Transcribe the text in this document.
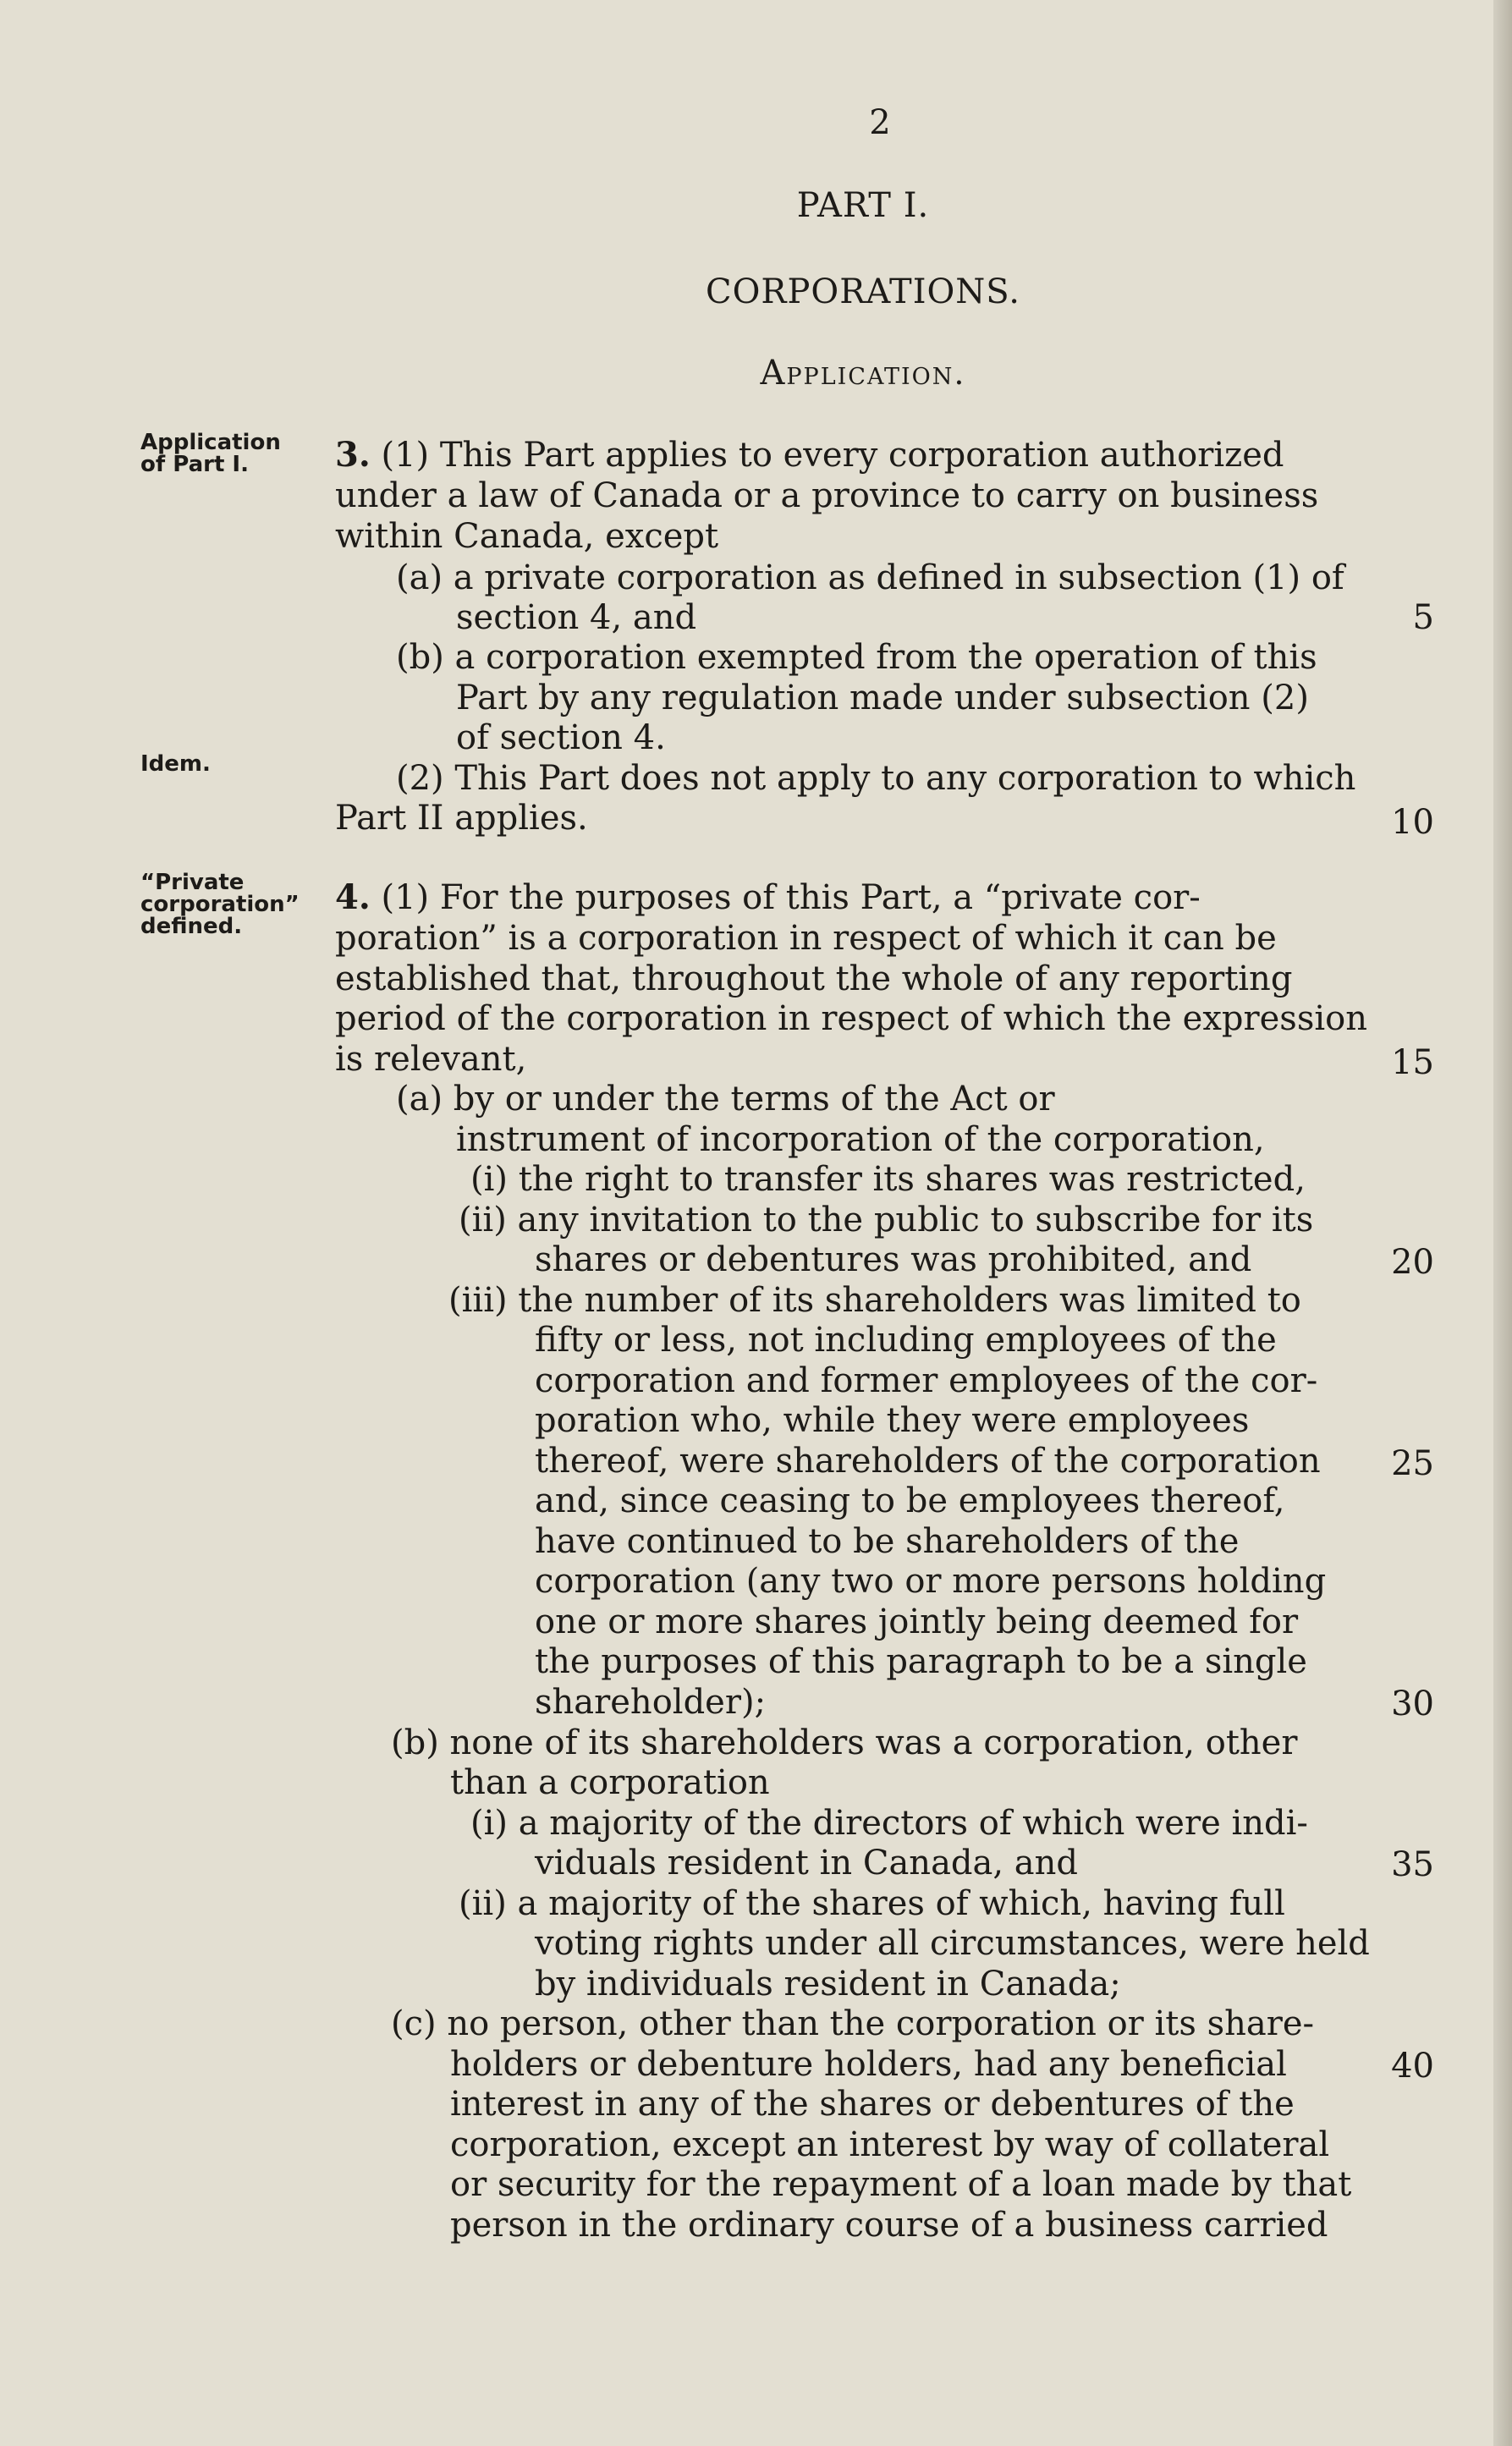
2
PART I.
CORPORATIONS.
Application.
Application
of Part I.
Idem.
“Private
corporation”
defined.
3. (1) This Part applies to every corporation authorized
under a law of Canada or a province to carry on business
within Canada, except
(a) a private corporation as defined in subsection (1) of
section 4, and
(b) a corporation exempted from the operation of this
Part by any regulation made under subsection (2)
of section 4.
(2) This Part does not apply to any corporation to which
Part II applies.
4. (1) For the purposes of this Part, a “private cor-
poration” is a corporation in respect of which it can be
established that, throughout the whole of any reporting
period of the corporation in respect of which the expression
is relevant,
(a) by or under the terms of the Act or
instrument of incorporation of the corporation,
(i) the right to transfer its shares was restricted,
(ii) any invitation to the public to subscribe for its
shares or debentures was prohibited, and
(iii) the number of its shareholders was limited to
fifty or less, not including employees of the
corporation and former employees of the cor-
poration who, while they were employees
thereof, were shareholders of the corporation
and, since ceasing to be employees thereof,
have continued to be shareholders of the
corporation (any two or more persons holding
one or more shares jointly being deemed for
the purposes of this paragraph to be a single
shareholder);
(b) none of its shareholders was a corporation, other
than a corporation
(i) a majority of the directors of which were indi-
viduals resident in Canada, and
(ii) a majority of the shares of which, having full
voting rights under all circumstances, were held
by individuals resident in Canada;
(c) no person, other than the corporation or its share-
holders or debenture holders, had any beneficial
interest in any of the shares or debentures of the
corporation, except an interest by way of collateral
or security for the repayment of a loan made by that
person in the ordinary course of a business carried
5
10
15
20
25
30
35
40
